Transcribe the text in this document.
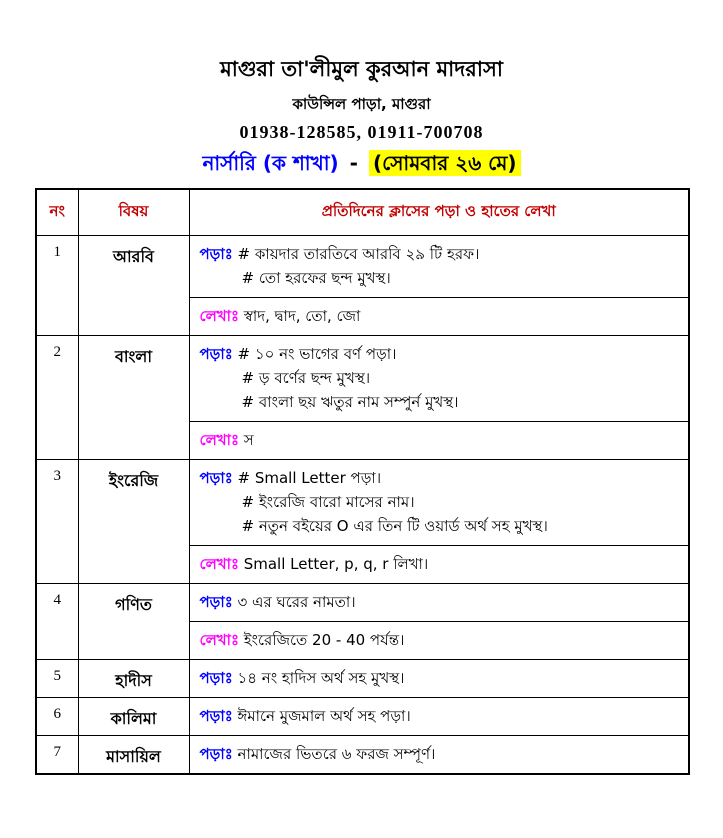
মাগুরা তা'লীমুল কুরআন মাদরাসা
কাউন্সিল পাড়া, মাগুরা
01938-128585, 01911-700708
নার্সারি (ক শাখা) - (সোমবার ২৬ মে)
নং	বিষয়	প্রতিদিনের ক্লাসের পড়া ও হাতের লেখা
1	আরবি	পড়াঃ # কায়দার তারতিবে আরবি ২৯ টি হরফ।
# তো হরফের ছন্দ মুখস্থ।

		লেখাঃ স্বাদ, দ্বাদ, তো, জো
2	বাংলা	পড়াঃ # ১০ নং ভাগের বর্ণ পড়া।
# ড় বর্ণের ছন্দ মুখস্থ।
# বাংলা ছয় ঋতুর নাম সম্পুর্ন মুখস্থ।

		লেখাঃ স
3	ইংরেজি	পড়াঃ # Small Letter পড়া।
# ইংরেজি বারো মাসের নাম।
# নতুন বইয়ের O এর তিন টি ওয়ার্ড অর্থ সহ মুখস্থ।

		লেখাঃ Small Letter, p, q, r লিখা।
4	গণিত	পড়াঃ ৩ এর ঘরের নামতা।

		লেখাঃ ইংরেজিতে 20 - 40 পর্যন্ত।
5	হাদীস	পড়াঃ ১৪ নং হাদিস অর্থ সহ মুখস্থ।

6	কালিমা	পড়াঃ ঈমানে মুজমাল অর্থ সহ পড়া।

7	মাসায়িল	পড়াঃ নামাজের ভিতরে ৬ ফরজ সম্পূর্ণ।
